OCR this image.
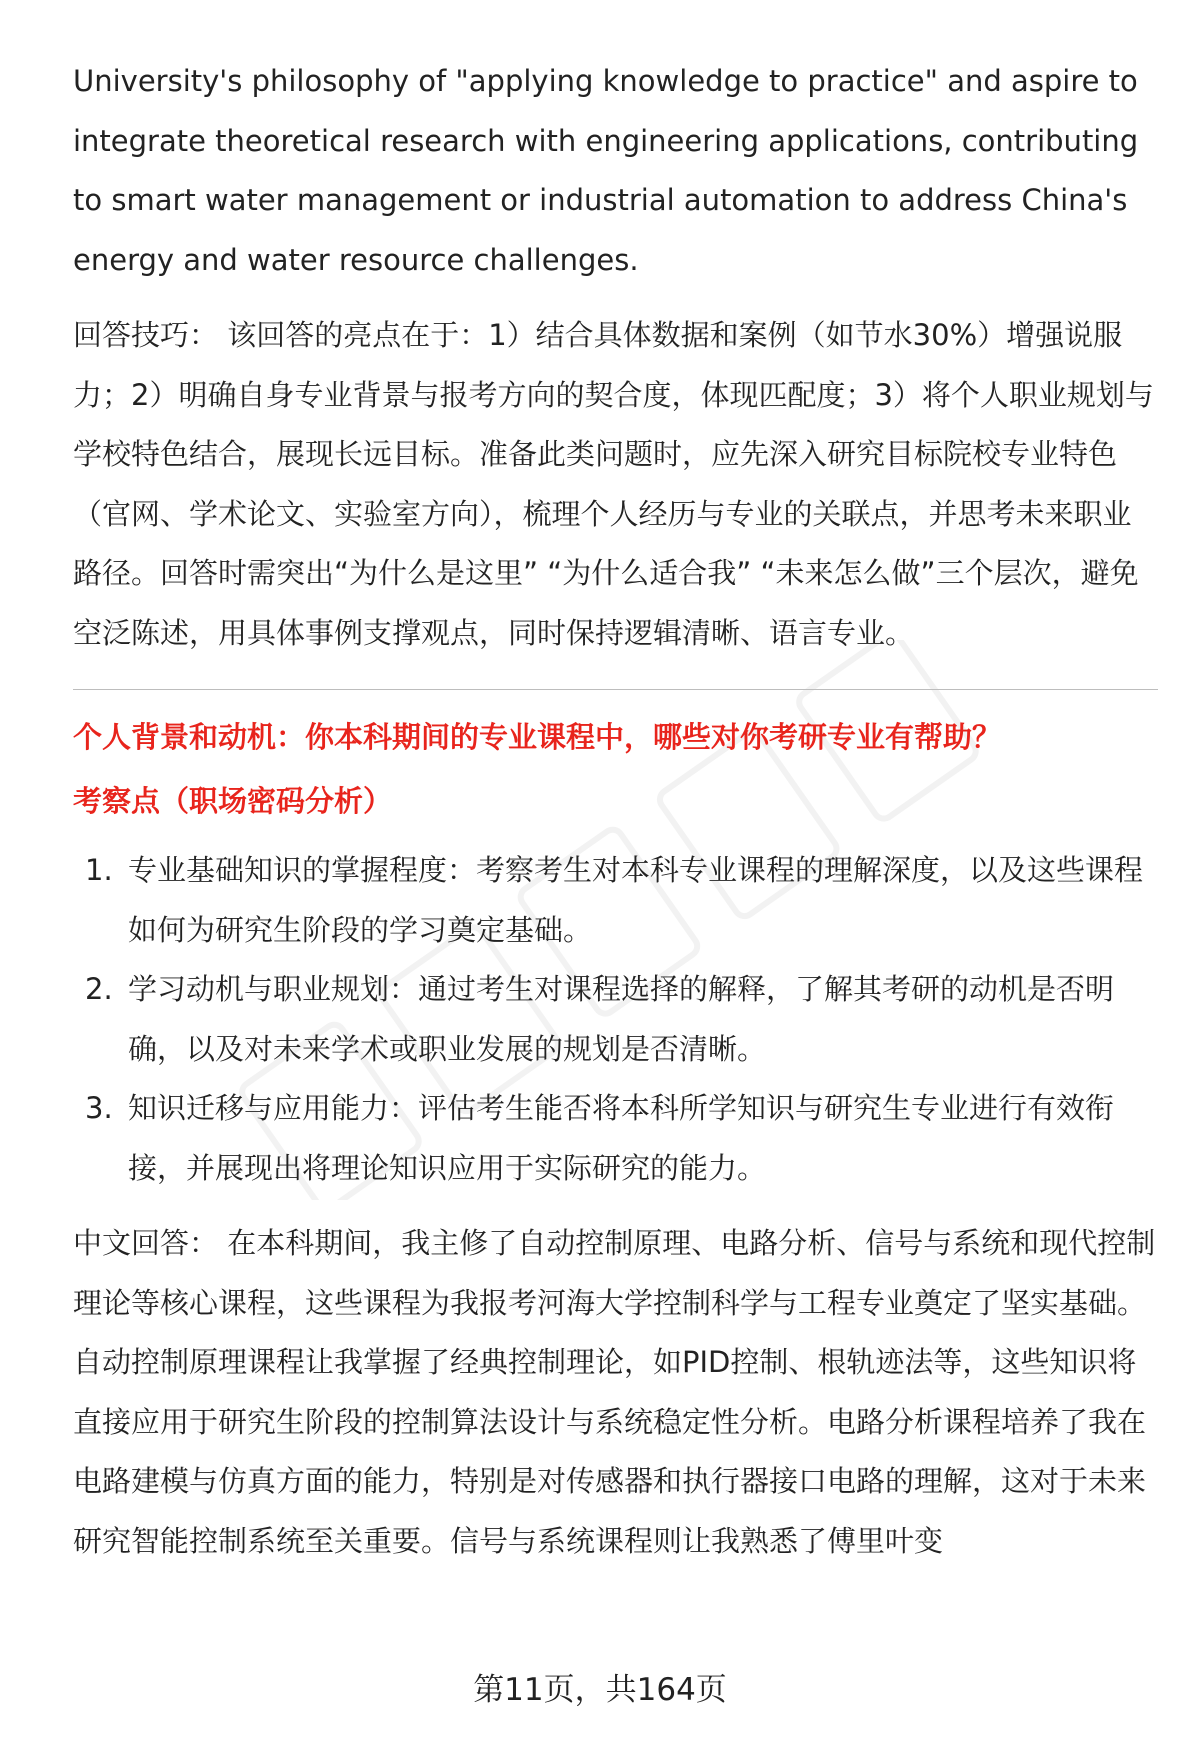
University's philosophy of "applying knowledge to practice" and aspire to integrate theoretical research with engineering applications, contributing to smart water management or industrial automation to address China's energy and water resource challenges.

回答技巧： 该回答的亮点在于：1）结合具体数据和案例（如节水30%）增强说服力；2）明确自身专业背景与报考方向的契合度，体现匹配度；3）将个人职业规划与学校特色结合，展现长远目标。准备此类问题时，应先深入研究目标院校专业特色（官网、学术论文、实验室方向），梳理个人经历与专业的关联点，并思考未来职业路径。回答时需突出“为什么是这里” “为什么适合我” “未来怎么做”三个层次，避免空泛陈述，用具体事例支撑观点，同时保持逻辑清晰、语言专业。

个人背景和动机：你本科期间的专业课程中，哪些对你考研专业有帮助？

考察点（职场密码分析）

1. 专业基础知识的掌握程度：考察考生对本科专业课程的理解深度，以及这些课程如何为研究生阶段的学习奠定基础。
2. 学习动机与职业规划：通过考生对课程选择的解释，了解其考研的动机是否明确，以及对未来学术或职业发展的规划是否清晰。
3. 知识迁移与应用能力：评估考生能否将本科所学知识与研究生专业进行有效衔接，并展现出将理论知识应用于实际研究的能力。

中文回答： 在本科期间，我主修了自动控制原理、电路分析、信号与系统和现代控制理论等核心课程，这些课程为我报考河海大学控制科学与工程专业奠定了坚实基础。自动控制原理课程让我掌握了经典控制理论，如PID控制、根轨迹法等，这些知识将直接应用于研究生阶段的控制算法设计与系统稳定性分析。电路分析课程培养了我在电路建模与仿真方面的能力，特别是对传感器和执行器接口电路的理解，这对于未来研究智能控制系统至关重要。信号与系统课程则让我熟悉了傅里叶变

第11页，共164页
